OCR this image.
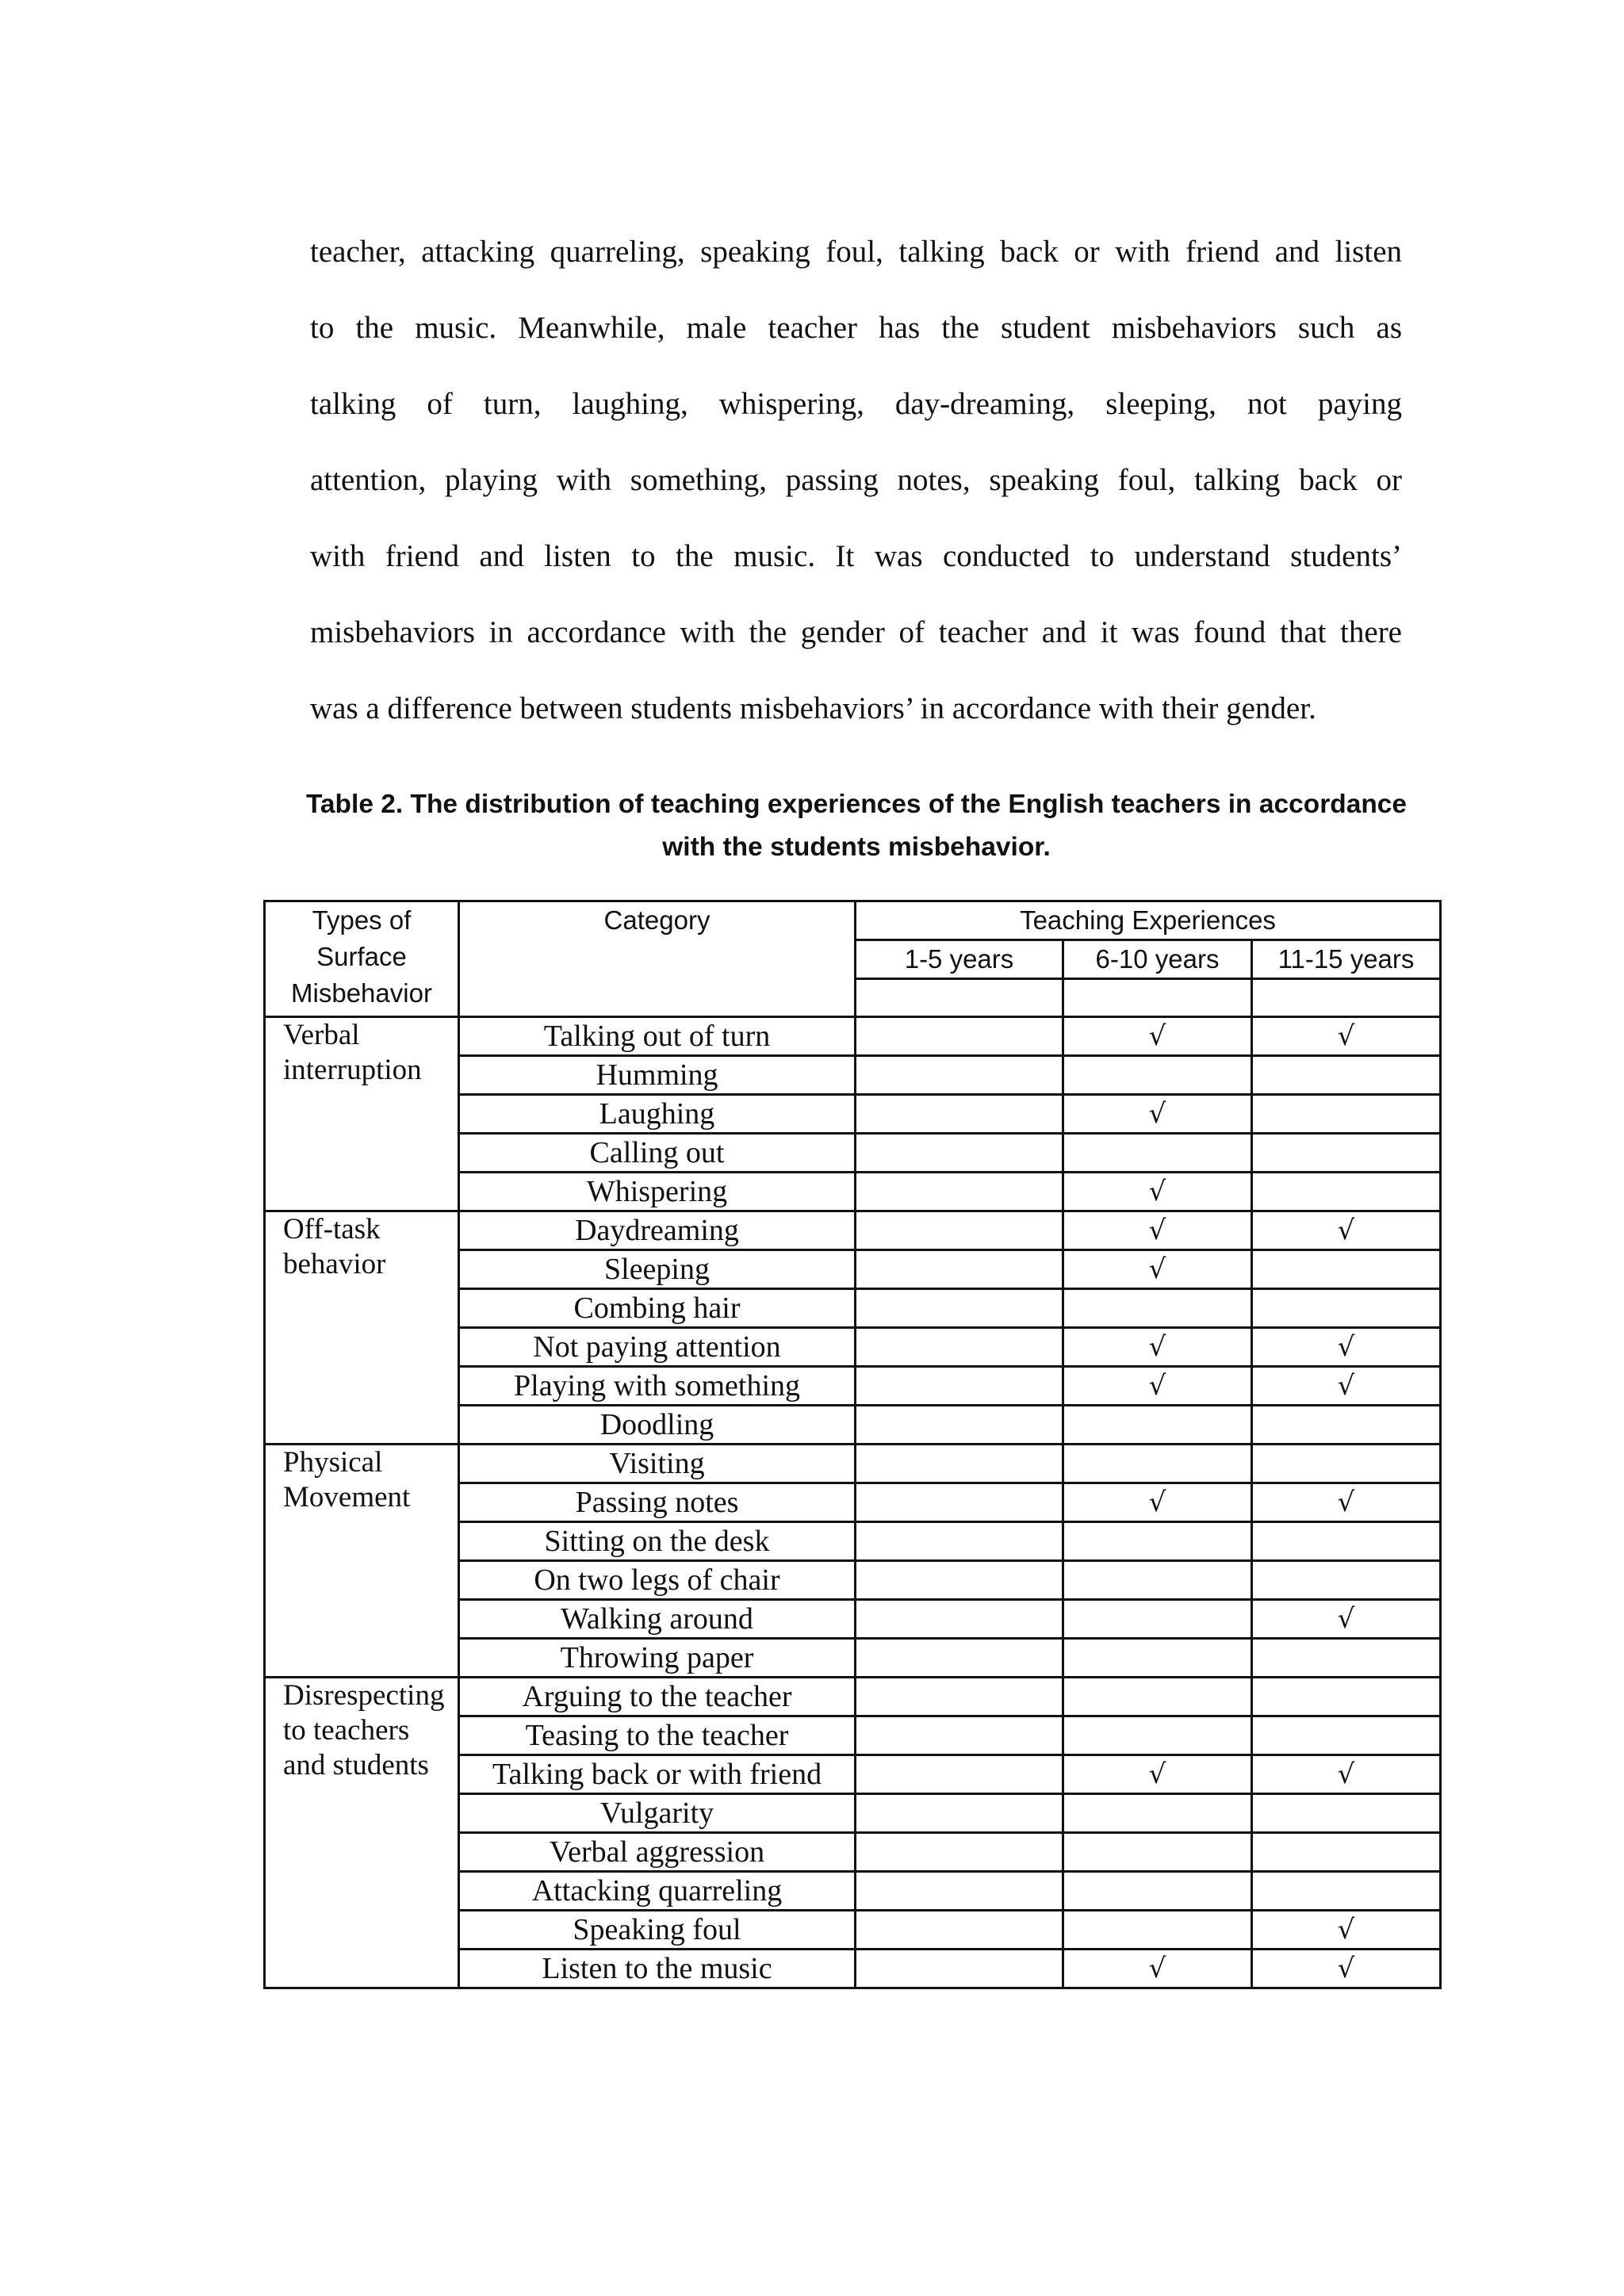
teacher, attacking quarreling, speaking foul, talking back or with friend and listen
to the music. Meanwhile, male teacher has the student misbehaviors such as
talking of turn, laughing, whispering, day-dreaming, sleeping, not paying
attention, playing with something, passing notes, speaking foul, talking back or
with friend and listen to the music. It was conducted to understand students’
misbehaviors in accordance with the gender of teacher and it was found that there
was a difference between students misbehaviors’ in accordance with their gender.
Table 2. The distribution of teaching experiences of the English teachers in accordance
with the students misbehavior.
Types of Surface Misbehavior	Category	Teaching Experiences		
		1-5 years	6-10 years	11-15 years

Verbal interruption	Talking out of turn		√	√
	Humming			
	Laughing		√	
	Calling out			
	Whispering		√	
Off-task behavior	Daydreaming		√	√
	Sleeping		√	
	Combing hair			
	Not paying attention		√	√
	Playing with something		√	√
	Doodling			
Physical Movement	Visiting			
	Passing notes		√	√
	Sitting on the desk			
	On two legs of chair			
	Walking around			√
	Throwing paper			
Disrespecting to teachers and students	Arguing to the teacher			
	Teasing to the teacher			
	Talking back or with friend		√	√
	Vulgarity			
	Verbal aggression			
	Attacking quarreling			
	Speaking foul			√
	Listen to the music		√	√
